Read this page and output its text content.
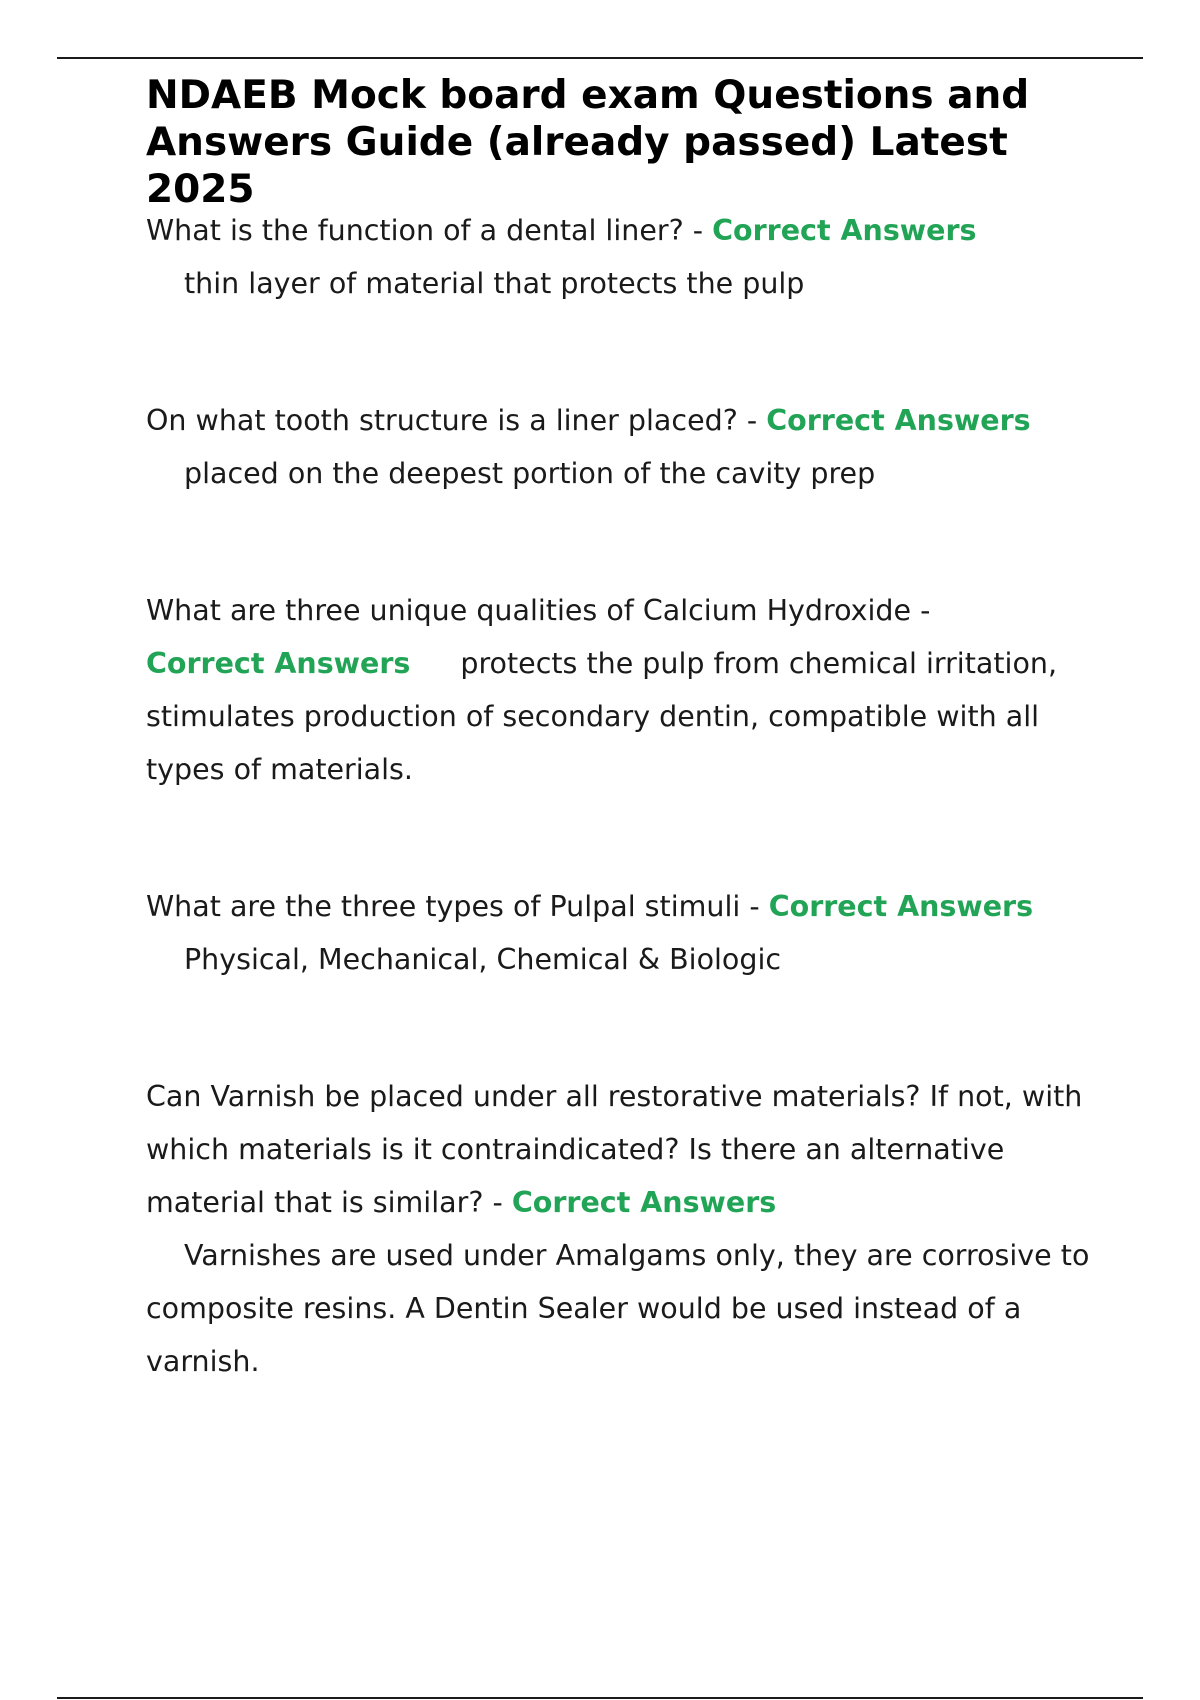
NDAEB Mock board exam Questions and Answers Guide (already passed) Latest 2025

What is the function of a dental liner? - Correct Answers
thin layer of material that protects the pulp

On what tooth structure is a liner placed? - Correct Answers
placed on the deepest portion of the cavity prep

What are three unique qualities of Calcium Hydroxide -
Correct Answers protects the pulp from chemical irritation, stimulates production of secondary dentin, compatible with all types of materials.

What are the three types of Pulpal stimuli - Correct Answers
Physical, Mechanical, Chemical & Biologic

Can Varnish be placed under all restorative materials? If not, with which materials is it contraindicated? Is there an alternative material that is similar? - Correct Answers
Varnishes are used under Amalgams only, they are corrosive to composite resins. A Dentin Sealer would be used instead of a varnish.
